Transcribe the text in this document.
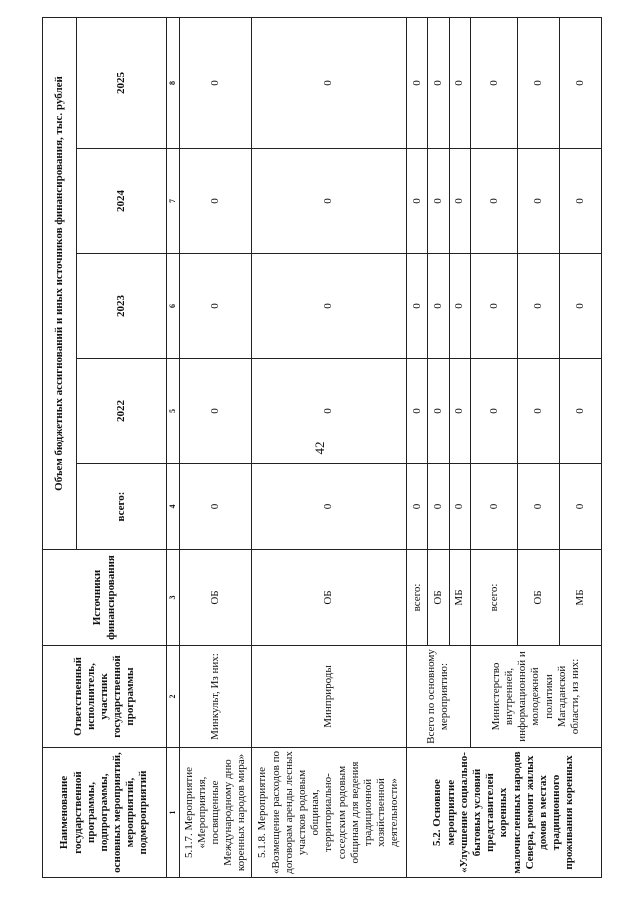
42
Наименование государственной программы, подпрограммы, основных мероприятий, мероприятий, подмероприятий	Ответственный исполнитель, участник государственной программы	Источники финансирования	Объем бюджетных ассигнований и иных источников финансирования, тыс. рублей				
			всего:	2022	2023	2024	2025
1	2	3	4	5	6	7	8
5.1.7. Мероприятие «Мероприятия, посвященные Международному дню коренных народов мира»	Минкульт, Из них:	ОБ	0	0	0	0	0
5.1.8. Мероприятие «Возмещение расходов по договорам аренды лесных участков родовым общинам, территориально-соседским родовым общинам для ведения традиционной хозяйственной деятельности»	Минприроды	ОБ	0	0	0	0	0

5.2. Основное мероприятие «Улучшение социально-бытовых условий представителей коренных малочисленных народов Севера, ремонт жилых домов в местах традиционного проживания коренных	Всего по основному мероприятию:	всего:	0	0	0	0	0
		ОБ	0	0	0	0	0
		МБ	0	0	0	0	0
	Министерство внутренней, информационной и молодежной политики Магаданской области, из них:	всего:	0	0	0	0	0
		ОБ	0	0	0	0	0
		МБ	0	0	0	0	0
